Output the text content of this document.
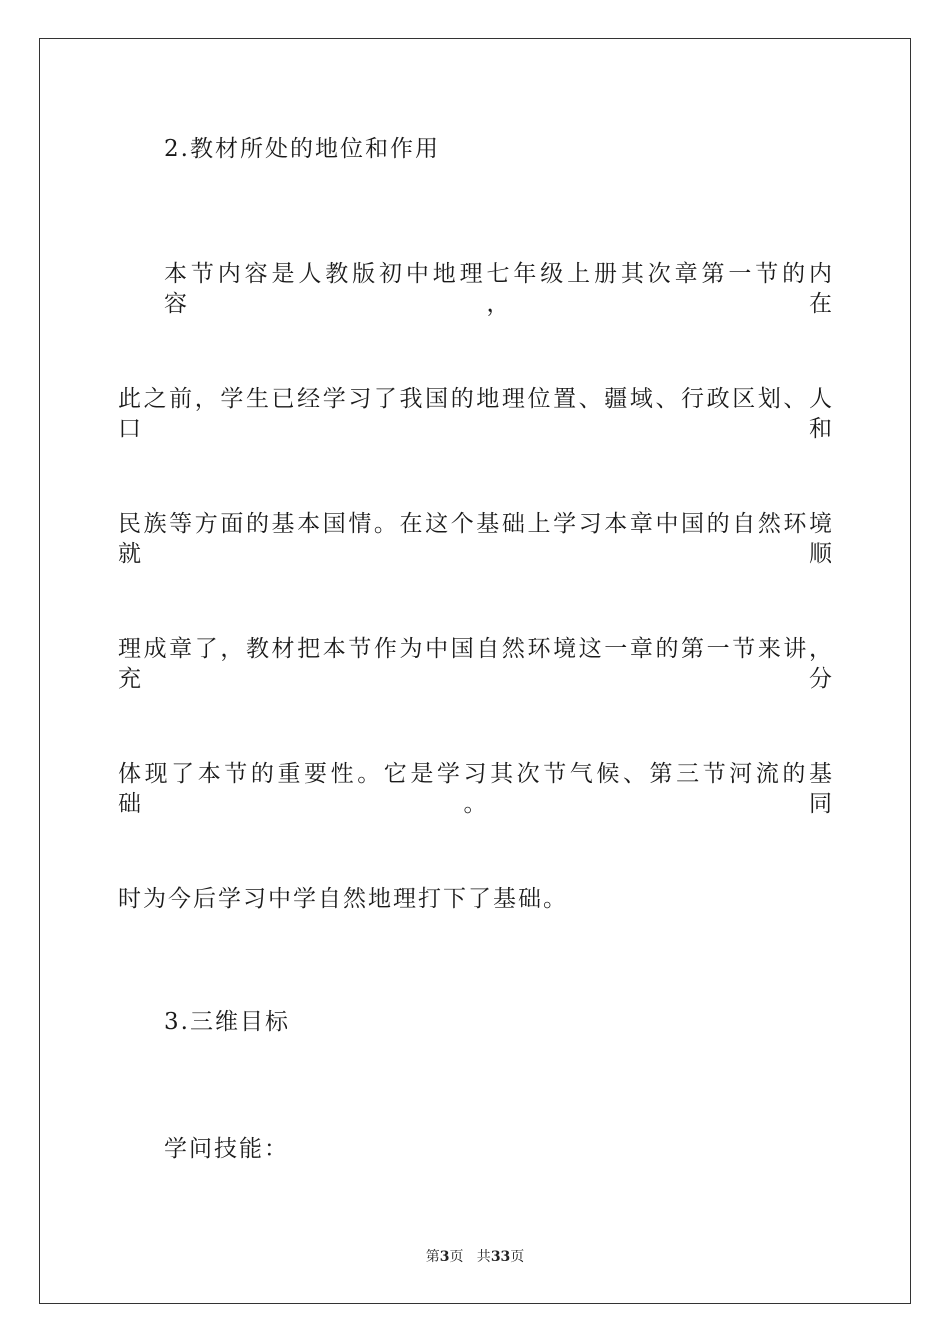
2.教材所处的地位和作用
本节内容是人教版初中地理七年级上册其次章第一节的内容，在
此之前，学生已经学习了我国的地理位置、疆域、行政区划、人口和
民族等方面的基本国情。在这个基础上学习本章中国的自然环境就顺
理成章了，教材把本节作为中国自然环境这一章的第一节来讲，充分
体现了本节的重要性。它是学习其次节气候、第三节河流的基础。同
时为今后学习中学自然地理打下了基础。
3.三维目标
学问技能：
第3页   共33页
